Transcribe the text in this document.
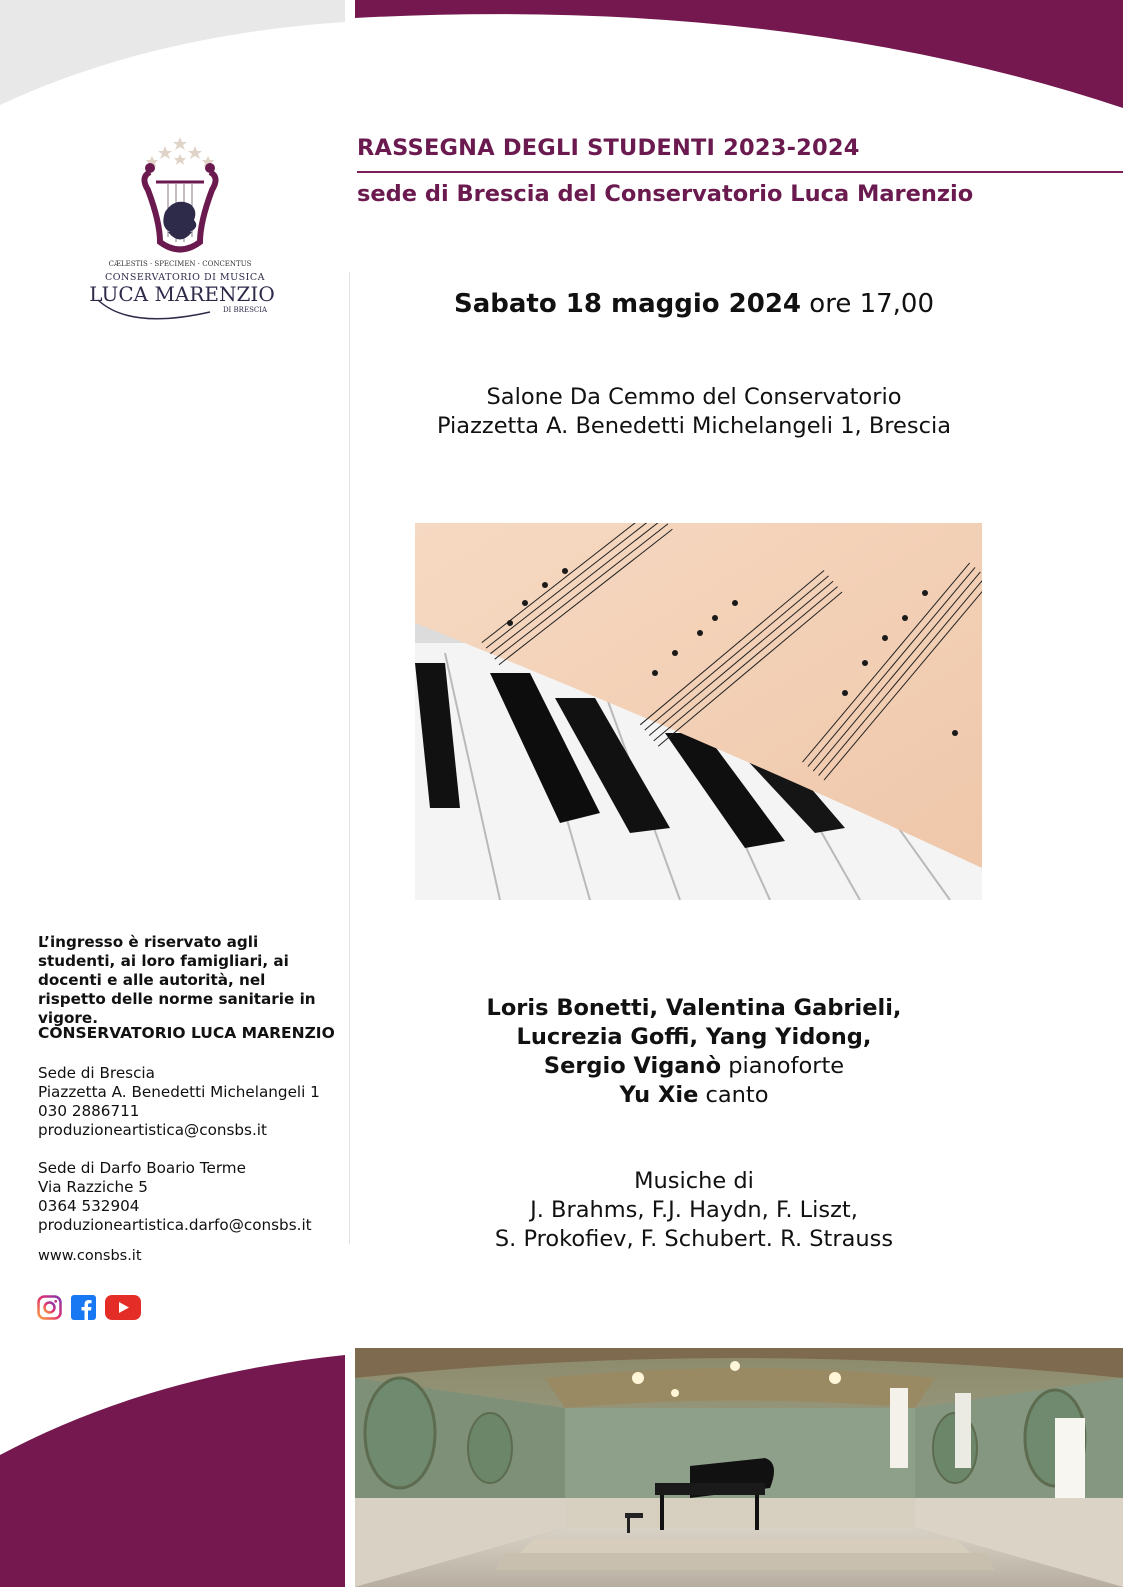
CÆLESTIS · SPECIMEN · CONCENTUS
CONSERVATORIO DI MUSICA
LUCA MARENZIO
DI BRESCIA
RASSEGNA DEGLI STUDENTI 2023-2024
sede di Brescia del Conservatorio Luca Marenzio
Sabato 18 maggio 2024 ore 17,00
Salone Da Cemmo del Conservatorio
Piazzetta A. Benedetti Michelangeli 1, Brescia
Loris Bonetti, Valentina Gabrieli,
Lucrezia Goffi, Yang Yidong,
Sergio Viganò pianoforte
Yu Xie canto
Musiche di
J. Brahms, F.J. Haydn, F. Liszt,
S. Prokofiev, F. Schubert. R. Strauss
L’ingresso è riservato agli studenti, ai loro famigliari, ai docenti e alle autorità, nel rispetto delle norme sanitarie in vigore.
CONSERVATORIO LUCA MARENZIO
Sede di Brescia
Piazzetta A. Benedetti Michelangeli 1
030 2886711
produzioneartistica@consbs.it
Sede di Darfo Boario Terme
Via Razziche 5
0364 532904
produzioneartistica.darfo@consbs.it
www.consbs.it
